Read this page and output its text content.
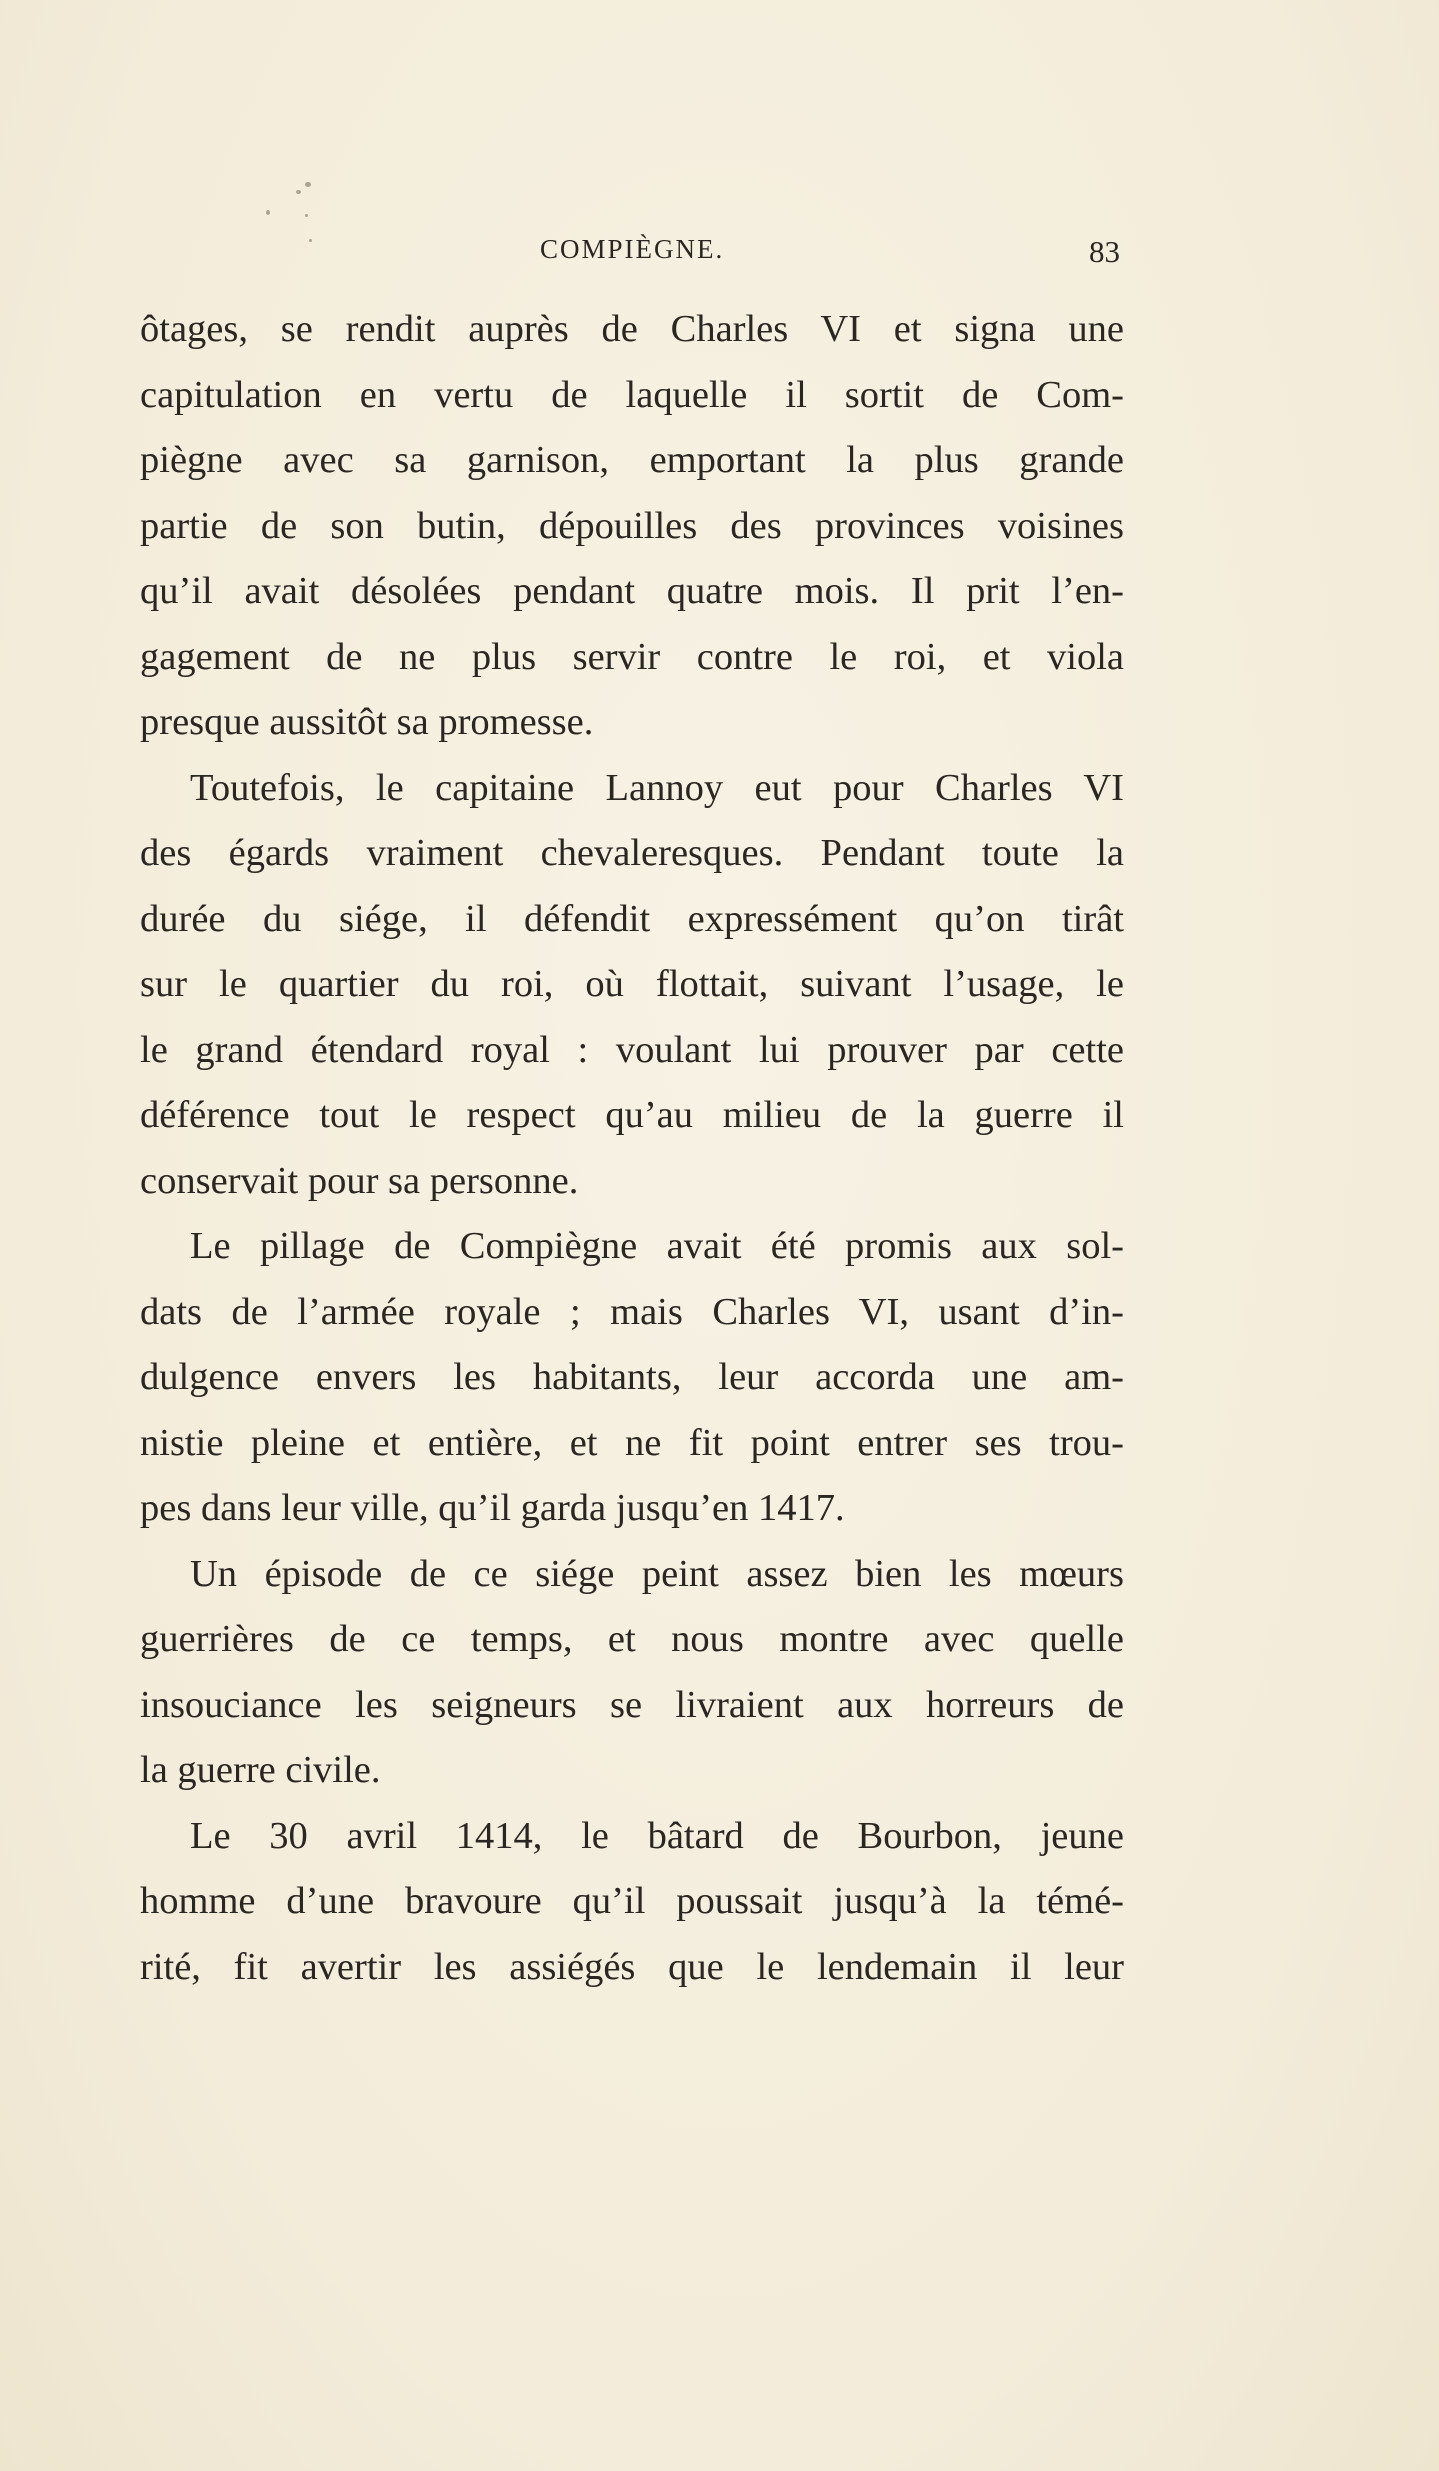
COMPIÈGNE.	83
ôtages, se rendit auprès de Charles VI et signa une
capitulation en vertu de laquelle il sortit de Com-
piègne avec sa garnison, emportant la plus grande
partie de son butin, dépouilles des provinces voisines
qu’il avait désolées pendant quatre mois. Il prit l’en-
gagement de ne plus servir contre le roi, et viola
presque aussitôt sa promesse.
Toutefois, le capitaine Lannoy eut pour Charles VI
des égards vraiment chevaleresques. Pendant toute la
durée du siége, il défendit expressément qu’on tirât
sur le quartier du roi, où flottait, suivant l’usage, le
le grand étendard royal : voulant lui prouver par cette
déférence tout le respect qu’au milieu de la guerre il
conservait pour sa personne.
Le pillage de Compiègne avait été promis aux sol-
dats de l’armée royale ; mais Charles VI, usant d’in-
dulgence envers les habitants, leur accorda une am-
nistie pleine et entière, et ne fit point entrer ses trou-
pes dans leur ville, qu’il garda jusqu’en 1417.
Un épisode de ce siége peint assez bien les mœurs
guerrières de ce temps, et nous montre avec quelle
insouciance les seigneurs se livraient aux horreurs de
la guerre civile.
Le 30 avril 1414, le bâtard de Bourbon, jeune
homme d’une bravoure qu’il poussait jusqu’à la témé-
rité, fit avertir les assiégés que le lendemain il leur
